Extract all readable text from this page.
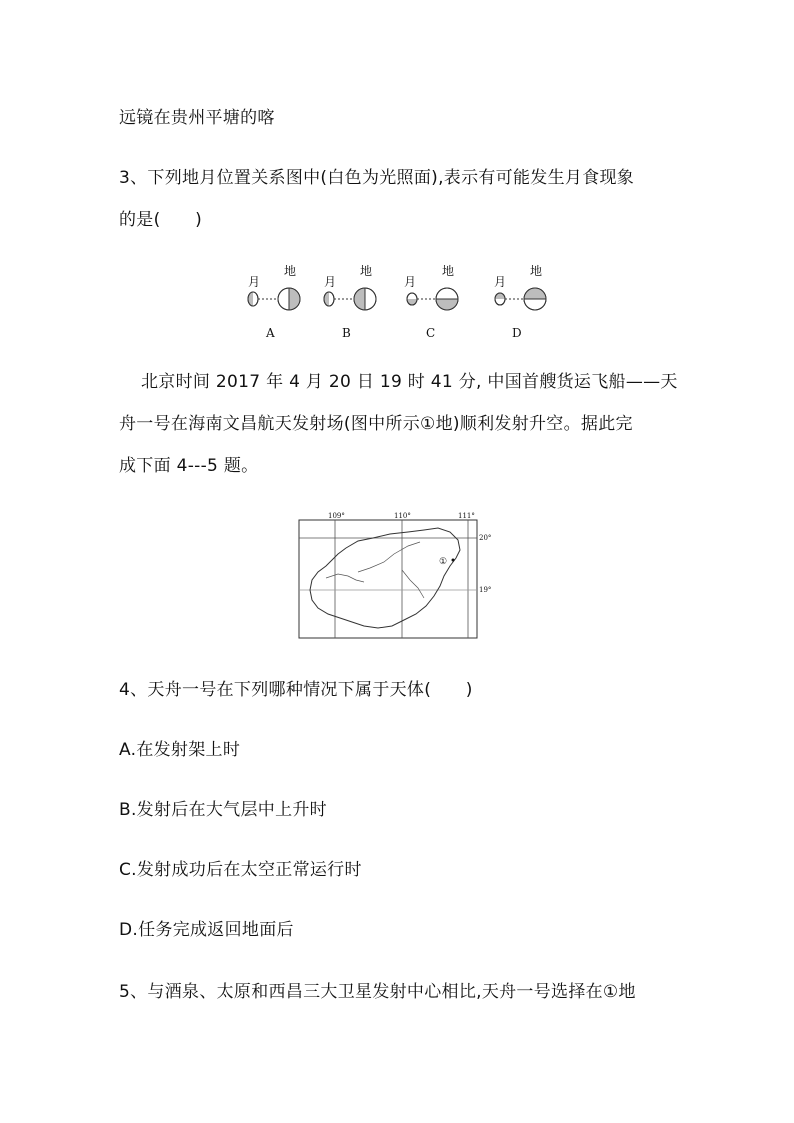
远镜在贵州平塘的喀
3、下列地月位置关系图中(白色为光照面),表示有可能发生月食现象
的是(　　)
月
地
A
月
地
B
月
地
C
月
地
D
北京时间 2017 年 4 月 20 日 19 时 41 分, 中国首艘货运飞船——天
舟一号在海南文昌航天发射场(图中所示①地)顺利发射升空。据此完
成下面 4---5 题。
109°	110°	111°
20°
19°
①
4、天舟一号在下列哪种情况下属于天体(　　)
A.在发射架上时
B.发射后在大气层中上升时
C.发射成功后在太空正常运行时
D.任务完成返回地面后
5、与酒泉、太原和西昌三大卫星发射中心相比,天舟一号选择在①地
